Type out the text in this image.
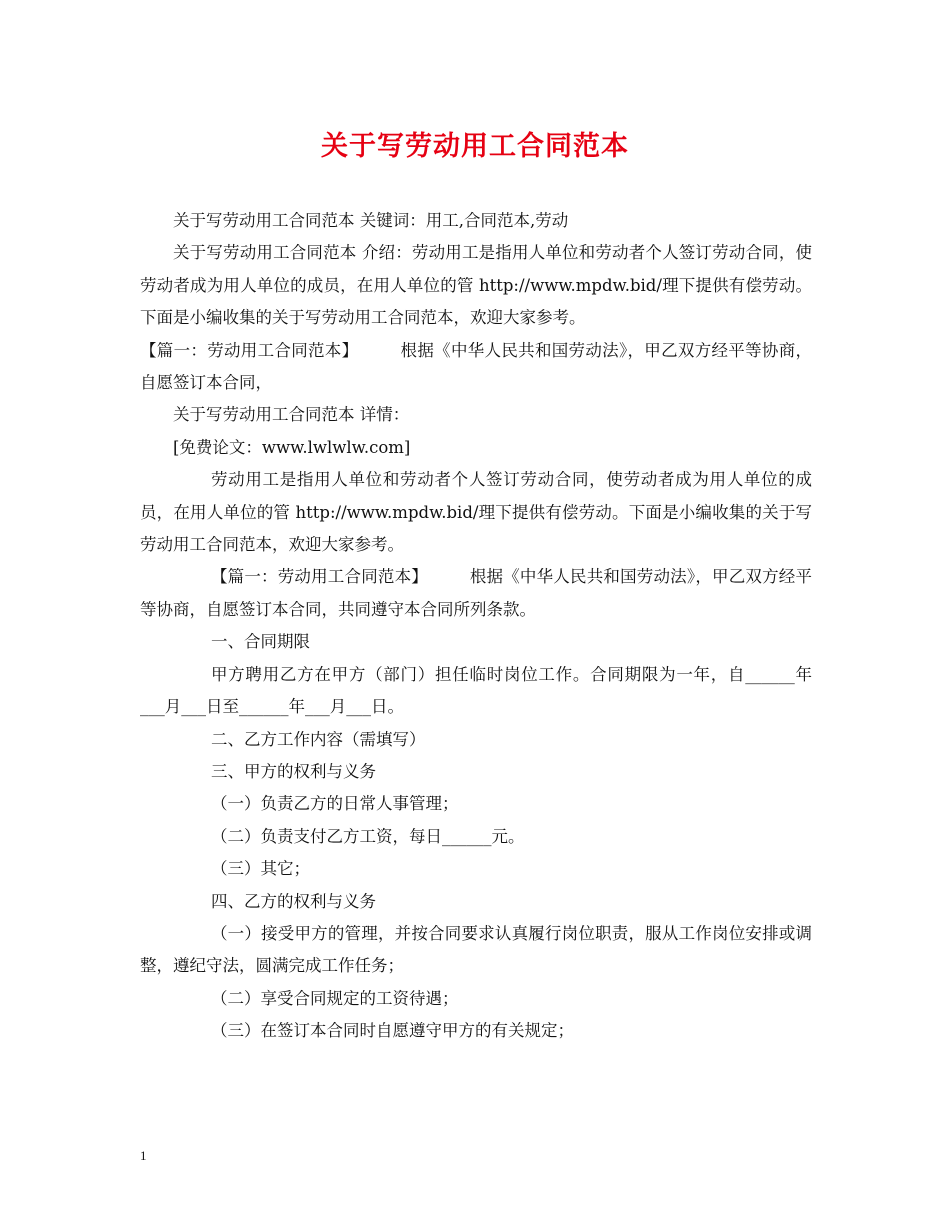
关于写劳动用工合同范本

关于写劳动用工合同范本 关键词：用工,合同范本,劳动

关于写劳动用工合同范本 介绍：劳动用工是指用人单位和劳动者个人签订劳动合同，使劳动者成为用人单位的成员，在用人单位的管 http://www.mpdw.bid/理下提供有偿劳动。下面是小编收集的关于写劳动用工合同范本，欢迎大家参考。

【篇一：劳动用工合同范本】　　　根据《中华人民共和国劳动法》，甲乙双方经平等协商，自愿签订本合同，

关于写劳动用工合同范本 详情：

[免费论文：www.lwlwlw.com]

劳动用工是指用人单位和劳动者个人签订劳动合同，使劳动者成为用人单位的成员，在用人单位的管 http://www.mpdw.bid/理下提供有偿劳动。下面是小编收集的关于写劳动用工合同范本，欢迎大家参考。

【篇一：劳动用工合同范本】　　　根据《中华人民共和国劳动法》，甲乙双方经平等协商，自愿签订本合同，共同遵守本合同所列条款。

一、合同期限

甲方聘用乙方在甲方（部门）担任临时岗位工作。合同期限为一年，自______年___月___日至______年___月___日。

二、乙方工作内容（需填写）

三、甲方的权利与义务

（一）负责乙方的日常人事管理；

（二）负责支付乙方工资，每日______元。

（三）其它；

四、乙方的权利与义务

（一）接受甲方的管理，并按合同要求认真履行岗位职责，服从工作岗位安排或调整，遵纪守法，圆满完成工作任务；

（二）享受合同规定的工资待遇；

（三）在签订本合同时自愿遵守甲方的有关规定；

1
